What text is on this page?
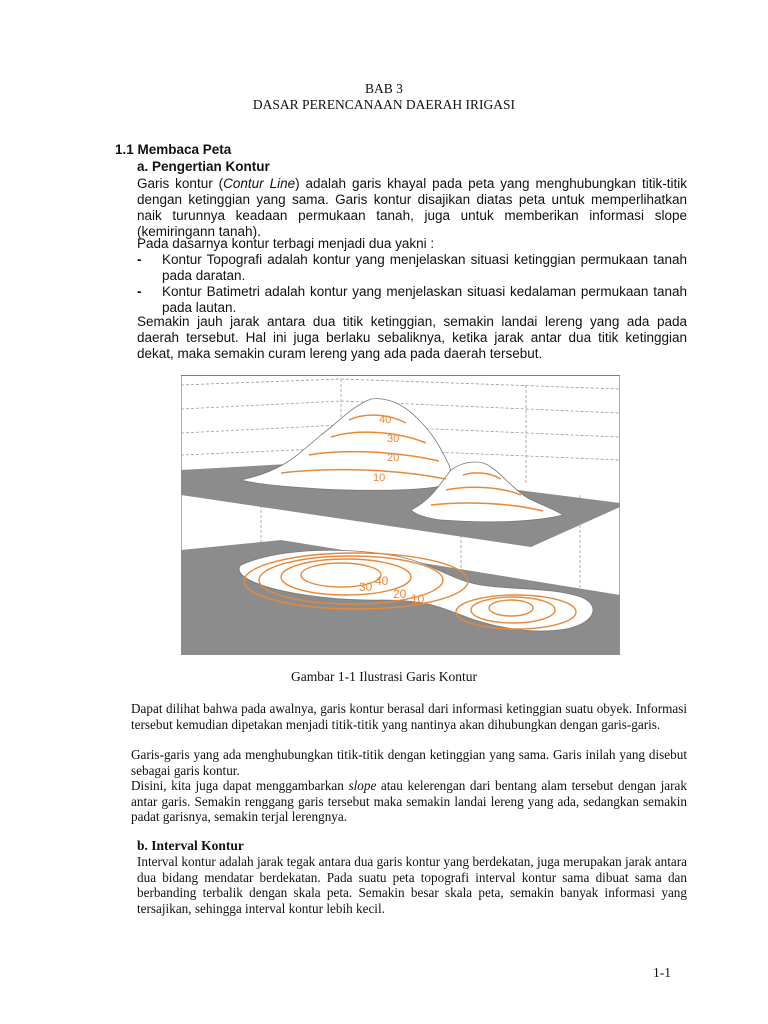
BAB 3
DASAR PERENCANAAN DAERAH IRIGASI
1.1 Membaca Peta
a. Pengertian Kontur
Garis kontur (Contur Line) adalah garis khayal pada peta yang menghubungkan titik-titik dengan ketinggian yang sama. Garis kontur disajikan diatas peta untuk memperlihatkan naik turunnya keadaan permukaan tanah, juga untuk memberikan informasi slope (kemiringann tanah).
Pada dasarnya kontur terbagi menjadi dua yakni :
-	Kontur Topografi adalah kontur yang menjelaskan situasi ketinggian permukaan tanah pada daratan.
-	Kontur Batimetri adalah kontur yang menjelaskan situasi kedalaman permukaan tanah pada lautan.
Semakin jauh jarak antara dua titik ketinggian, semakin landai lereng yang ada pada daerah tersebut. Hal ini juga berlaku sebaliknya, ketika jarak antar dua titik ketinggian dekat, maka semakin curam lereng yang ada pada daerah tersebut.
40
30
20
10
40
30 20 10
Gambar 1-1 Ilustrasi Garis Kontur
Dapat dilihat bahwa pada awalnya, garis kontur berasal dari informasi ketinggian suatu obyek. Informasi tersebut kemudian dipetakan menjadi titik-titik yang nantinya akan dihubungkan dengan garis-garis.
Garis-garis yang ada menghubungkan titik-titik dengan ketinggian yang sama. Garis inilah yang disebut sebagai garis kontur.
Disini, kita juga dapat menggambarkan slope atau kelerengan dari bentang alam tersebut dengan jarak antar garis. Semakin renggang garis tersebut maka semakin landai lereng yang ada, sedangkan semakin padat garisnya, semakin terjal lerengnya.
b. Interval Kontur
Interval kontur adalah jarak tegak antara dua garis kontur yang berdekatan, juga merupakan jarak antara dua bidang mendatar berdekatan. Pada suatu peta topografi interval kontur sama dibuat sama dan berbanding terbalik dengan skala peta. Semakin besar skala peta, semakin banyak informasi yang tersajikan, sehingga interval kontur lebih kecil.
1-1
